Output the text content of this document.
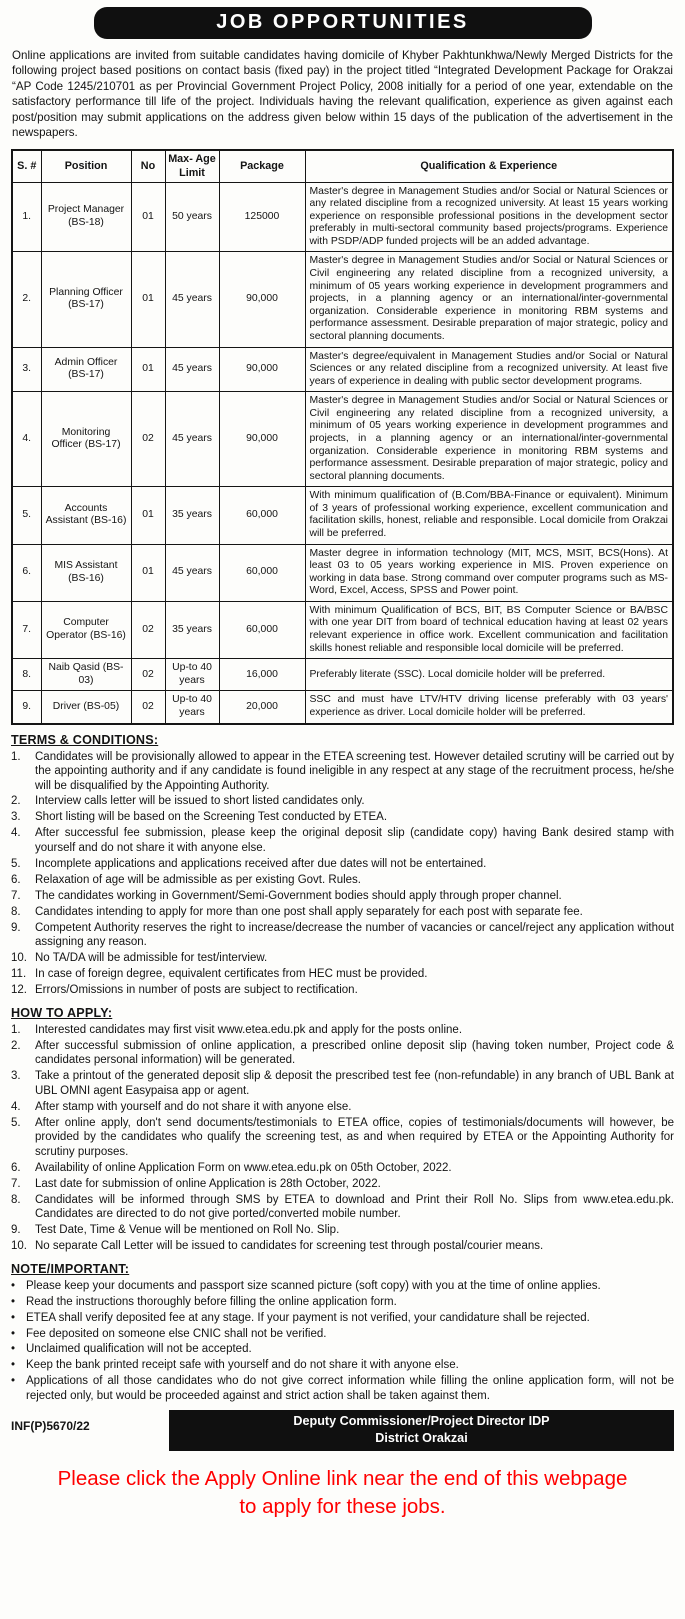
JOB OPPORTUNITIES

Online applications are invited from suitable candidates having domicile of Khyber Pakhtunkhwa/Newly Merged Districts for the following project based positions on contact basis (fixed pay) in the project titled “Integrated Development Package for Orakzai “AP Code 1245/210701 as per Provincial Government Project Policy, 2008 initially for a period of one year, extendable on the satisfactory performance till life of the project. Individuals having the relevant qualification, experience as given against each post/position may submit applications on the address given below within 15 days of the publication of the advertisement in the newspapers.

S. #	Position	No	Max- Age Limit	Package	Qualification & Experience
1.	Project Manager (BS-18)	01	50 years	125000	Master's degree in Management Studies and/or Social or Natural Sciences or any related discipline from a recognized university. At least 15 years working experience on responsible professional positions in the development sector preferably in multi-sectoral community based projects/programs. Experience with PSDP/ADP funded projects will be an added advantage.
2.	Planning Officer (BS-17)	01	45 years	90,000	Master's degree in Management Studies and/or Social or Natural Sciences or Civil engineering any related discipline from a recognized university, a minimum of 05 years working experience in development programmers and projects, in a planning agency or an international/inter-governmental organization. Considerable experience in monitoring RBM systems and performance assessment. Desirable preparation of major strategic, policy and sectoral planning documents.
3.	Admin Officer (BS-17)	01	45 years	90,000	Master's degree/equivalent in Management Studies and/or Social or Natural Sciences or any related discipline from a recognized university. At least five years of experience in dealing with public sector development programs.
4.	Monitoring Officer (BS-17)	02	45 years	90,000	Master's degree in Management Studies and/or Social or Natural Sciences or Civil engineering any related discipline from a recognized university, a minimum of 05 years working experience in development programmes and projects, in a planning agency or an international/inter-governmental organization. Considerable experience in monitoring RBM systems and performance assessment. Desirable preparation of major strategic, policy and sectoral planning documents.
5.	Accounts Assistant (BS-16)	01	35 years	60,000	With minimum qualification of (B.Com/BBA-Finance or equivalent). Minimum of 3 years of professional working experience, excellent communication and facilitation skills, honest, reliable and responsible. Local domicile from Orakzai will be preferred.
6.	MIS Assistant (BS-16)	01	45 years	60,000	Master degree in information technology (MIT, MCS, MSIT, BCS(Hons). At least 03 to 05 years working experience in MIS. Proven experience on working in data base. Strong command over computer programs such as MS-Word, Excel, Access, SPSS and Power point.
7.	Computer Operator (BS-16)	02	35 years	60,000	With minimum Qualification of BCS, BIT, BS Computer Science or BA/BSC with one year DIT from board of technical education having at least 02 years relevant experience in office work. Excellent communication and facilitation skills honest reliable and responsible local domicile will be preferred.
8.	Naib Qasid (BS-03)	02	Up-to 40 years	16,000	Preferably literate (SSC). Local domicile holder will be preferred.
9.	Driver (BS-05)	02	Up-to 40 years	20,000	SSC and must have LTV/HTV driving license preferably with 03 years' experience as driver. Local domicile holder will be preferred.
TERMS & CONDITIONS:
1.	Candidates will be provisionally allowed to appear in the ETEA screening test. However detailed scrutiny will be carried out by the appointing authority and if any candidate is found ineligible in any respect at any stage of the recruitment process, he/she will be disqualified by the Appointing Authority.
2.	Interview calls letter will be issued to short listed candidates only.
3.	Short listing will be based on the Screening Test conducted by ETEA.
4.	After successful fee submission, please keep the original deposit slip (candidate copy) having Bank desired stamp with yourself and do not share it with anyone else.
5.	Incomplete applications and applications received after due dates will not be entertained.
6.	Relaxation of age will be admissible as per existing Govt. Rules.
7.	The candidates working in Government/Semi-Government bodies should apply through proper channel.
8.	Candidates intending to apply for more than one post shall apply separately for each post with separate fee.
9.	Competent Authority reserves the right to increase/decrease the number of vacancies or cancel/reject any application without assigning any reason.
10. No TA/DA will be admissible for test/interview.
11. In case of foreign degree, equivalent certificates from HEC must be provided.
12. Errors/Omissions in number of posts are subject to rectification.
HOW TO APPLY:
1.	Interested candidates may first visit www.etea.edu.pk and apply for the posts online.
2.	After successful submission of online application, a prescribed online deposit slip (having token number, Project code & candidates personal information) will be generated.
3.	Take a printout of the generated deposit slip & deposit the prescribed test fee (non-refundable) in any branch of UBL Bank at UBL OMNI agent Easypaisa app or agent.
4.	After stamp with yourself and do not share it with anyone else.
5.	After online apply, don't send documents/testimonials to ETEA office, copies of testimonials/documents will however, be provided by the candidates who qualify the screening test, as and when required by ETEA or the Appointing Authority for scrutiny purposes.
6.	Availability of online Application Form on www.etea.edu.pk on 05th October, 2022.
7.	Last date for submission of online Application is 28th October, 2022.
8.	Candidates will be informed through SMS by ETEA to download and Print their Roll No. Slips from www.etea.edu.pk. Candidates are directed to do not give ported/converted mobile number.
9.	Test Date, Time & Venue will be mentioned on Roll No. Slip.
10. No separate Call Letter will be issued to candidates for screening test through postal/courier means.
NOTE/IMPORTANT:
• Please keep your documents and passport size scanned picture (soft copy) with you at the time of online applies.
• Read the instructions thoroughly before filling the online application form.
• ETEA shall verify deposited fee at any stage. If your payment is not verified, your candidature shall be rejected.
• Fee deposited on someone else CNIC shall not be verified.
• Unclaimed qualification will not be accepted.
• Keep the bank printed receipt safe with yourself and do not share it with anyone else.
• Applications of all those candidates who do not give correct information while filling the online application form, will not be rejected only, but would be proceeded against and strict action shall be taken against them.
INF(P)5670/22	Deputy Commissioner/Project Director IDP
District Orakzai
Please click the Apply Online link near the end of this webpage to apply for these jobs.
